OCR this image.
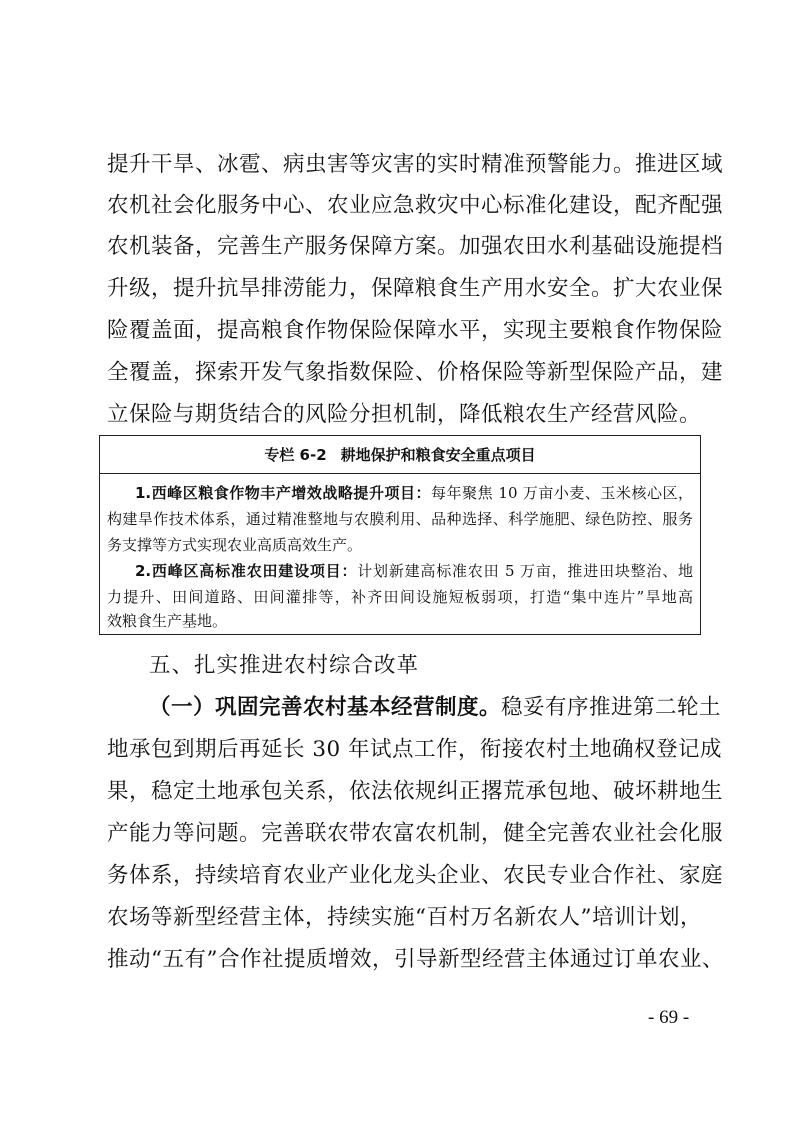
提升干旱、冰雹、病虫害等灾害的实时精准预警能力。推进区域
农机社会化服务中心、农业应急救灾中心标准化建设，配齐配强
农机装备，完善生产服务保障方案。加强农田水利基础设施提档
升级，提升抗旱排涝能力，保障粮食生产用水安全。扩大农业保
险覆盖面，提高粮食作物保险保障水平，实现主要粮食作物保险
全覆盖，探索开发气象指数保险、价格保险等新型保险产品，建
立保险与期货结合的风险分担机制，降低粮农生产经营风险。
专栏 6-2 耕地保护和粮食安全重点项目
1.西峰区粮食作物丰产增效战略提升项目：每年聚焦 10 万亩小麦、玉米核心区，
构建旱作技术体系，通过精准整地与农膜利用、品种选择、科学施肥、绿色防控、服务
务支撑等方式实现农业高质高效生产。
2.西峰区高标准农田建设项目：计划新建高标准农田 5 万亩，推进田块整治、地
力提升、田间道路、田间灌排等，补齐田间设施短板弱项，打造“集中连片”旱地高
效粮食生产基地。
五、扎实推进农村综合改革
（一）巩固完善农村基本经营制度。稳妥有序推进第二轮土
地承包到期后再延长 30 年试点工作，衔接农村土地确权登记成
果，稳定土地承包关系，依法依规纠正撂荒承包地、破坏耕地生
产能力等问题。完善联农带农富农机制，健全完善农业社会化服
务体系，持续培育农业产业化龙头企业、农民专业合作社、家庭
农场等新型经营主体，持续实施“百村万名新农人”培训计划，
推动“五有”合作社提质增效，引导新型经营主体通过订单农业、
- 69 -
